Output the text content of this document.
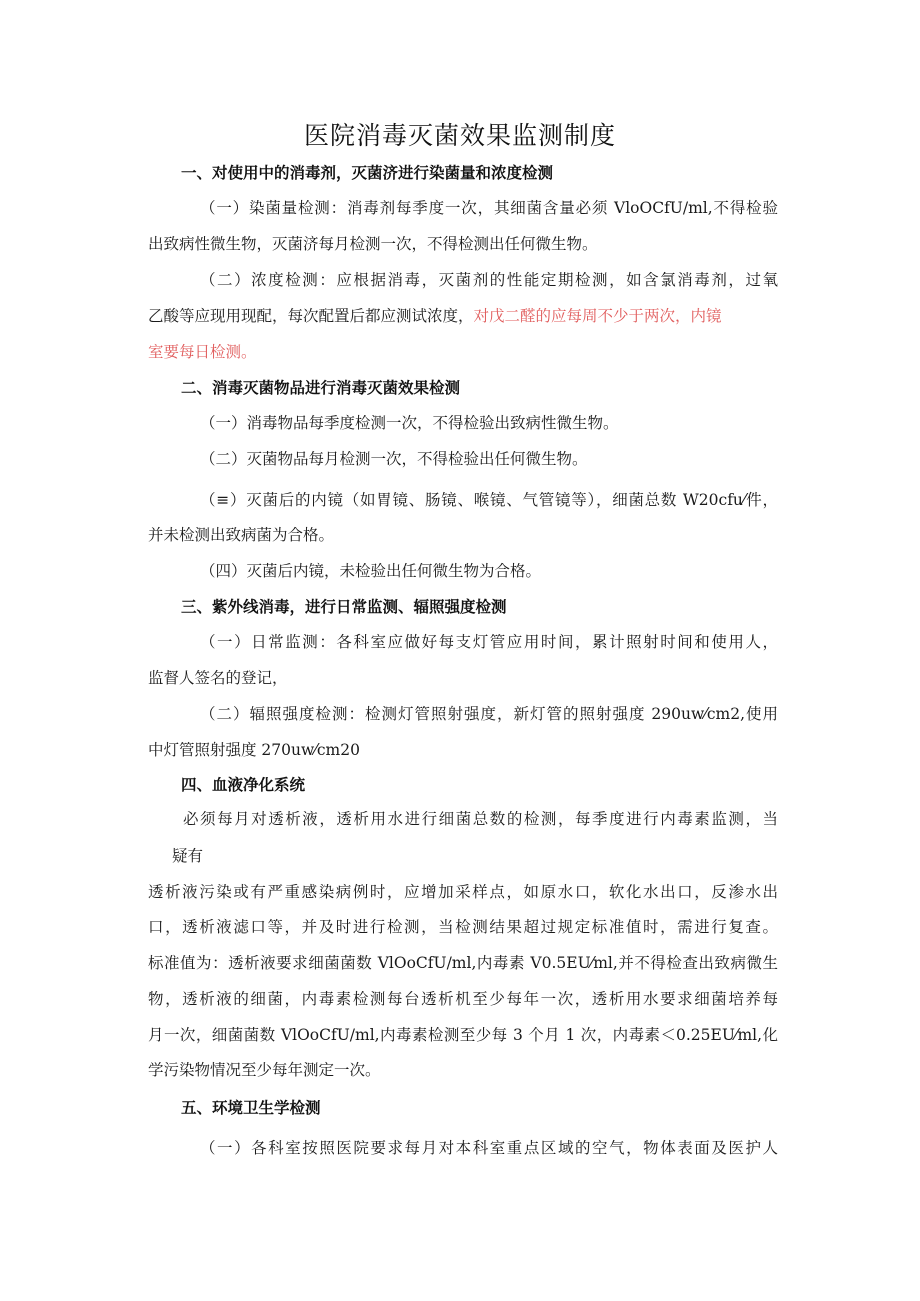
医院消毒灭菌效果监测制度
一、对使用中的消毒剂，灭菌济进行染菌量和浓度检测
（一）染菌量检测：消毒剂每季度一次，其细菌含量必须 VloOCfU/ml,不得检验
出致病性微生物，灭菌济每月检测一次，不得检测出任何微生物。
（二）浓度检测：应根据消毒，灭菌剂的性能定期检测，如含氯消毒剂，过氧
乙酸等应现用现配，每次配置后都应测试浓度，对戊二醛的应每周不少于两次，内镜
室要每日检测。
二、消毒灭菌物品进行消毒灭菌效果检测
（一）消毒物品每季度检测一次，不得检验出致病性微生物。
（二）灭菌物品每月检测一次，不得检验出任何微生物。
（≡）灭菌后的内镜（如胃镜、肠镜、喉镜、气管镜等），细菌总数 W20cfu⁄件，
并未检测出致病菌为合格。
（四）灭菌后内镜，未检验出任何微生物为合格。
三、紫外线消毒，进行日常监测、辐照强度检测
（一）日常监测：各科室应做好每支灯管应用时间，累计照射时间和使用人，
监督人签名的登记，
（二）辐照强度检测：检测灯管照射强度，新灯管的照射强度 290uw⁄cm2,使用
中灯管照射强度 270uw⁄cm20
四、血液净化系统
必须每月对透析液，透析用水进行细菌总数的检测，每季度进行内毒素监测，当
疑有
透析液污染或有严重感染病例时，应增加采样点，如原水口，软化水出口，反渗水出
口，透析液滤口等，并及时进行检测，当检测结果超过规定标准值时，需进行复查。
标准值为：透析液要求细菌菌数 VlOoCfU/ml,内毒素 V0.5EU⁄ml,并不得检查出致病微生
物，透析液的细菌，内毒素检测每台透析机至少每年一次，透析用水要求细菌培养每
月一次，细菌菌数 VlOoCfU/ml,内毒素检测至少每 3 个月 1 次，内毒素＜0.25EU⁄ml,化
学污染物情况至少每年测定一次。
五、环境卫生学检测
（一）各科室按照医院要求每月对本科室重点区域的空气，物体表面及医护人
